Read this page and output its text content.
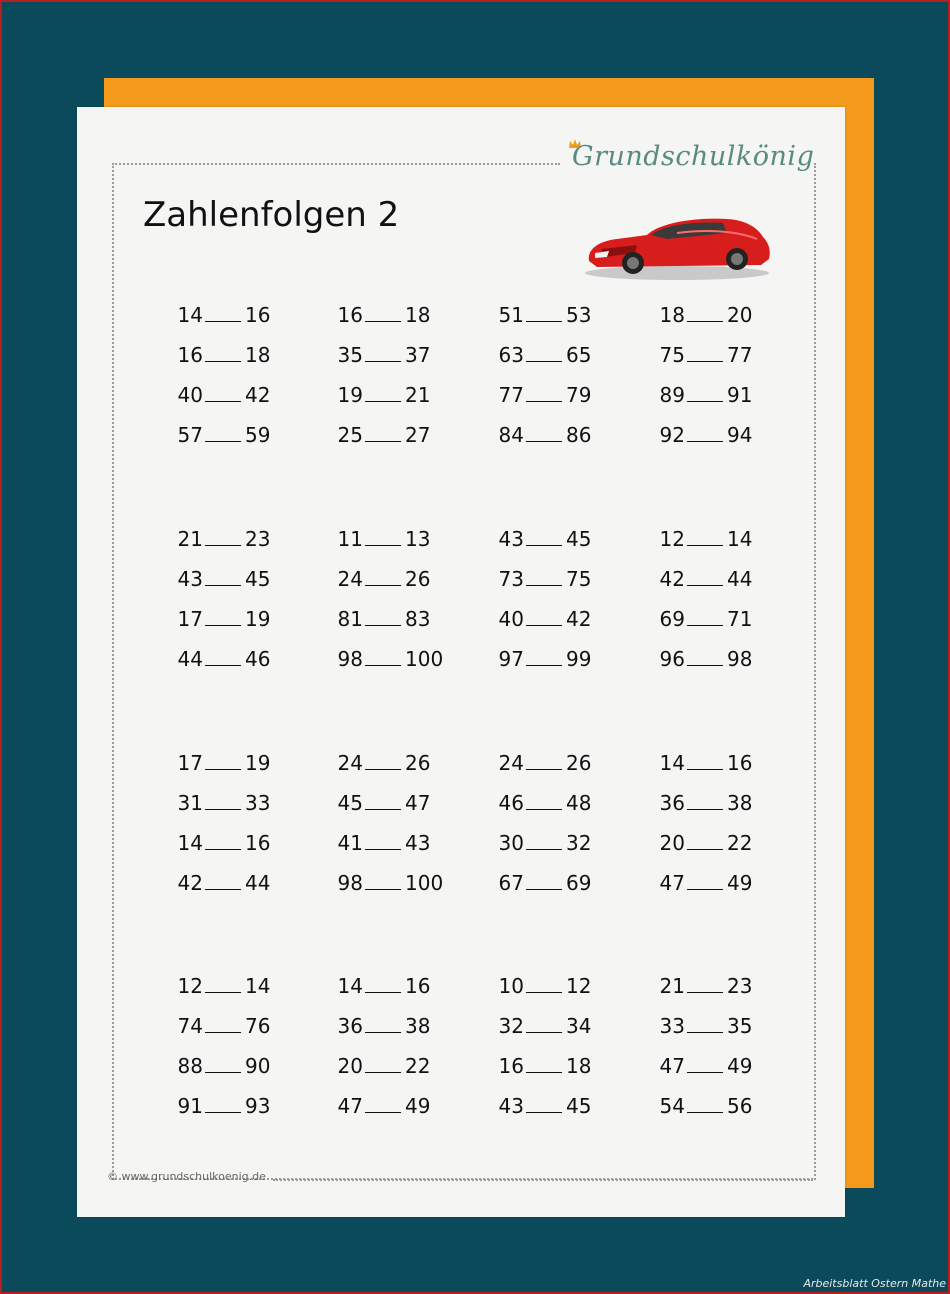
Grundschulkönig
Zahlenfolgen 2
14 16
16 18
40 42
57 59
16 18
35 37
19 21
25 27
51 53
63 65
77 79
84 86
18 20
75 77
89 91
92 94
21 23
43 45
17 19
44 46
11 13
24 26
81 83
98 100
43 45
73 75
40 42
97 99
12 14
42 44
69 71
96 98
17 19
31 33
14 16
42 44
24 26
45 47
41 43
98 100
24 26
46 48
30 32
67 69
14 16
36 38
20 22
47 49
12 14
74 76
88 90
91 93
14 16
36 38
20 22
47 49
10 12
32 34
16 18
43 45
21 23
33 35
47 49
54 56
© www.grundschulkoenig.de
Arbeitsblatt Ostern Mathe
